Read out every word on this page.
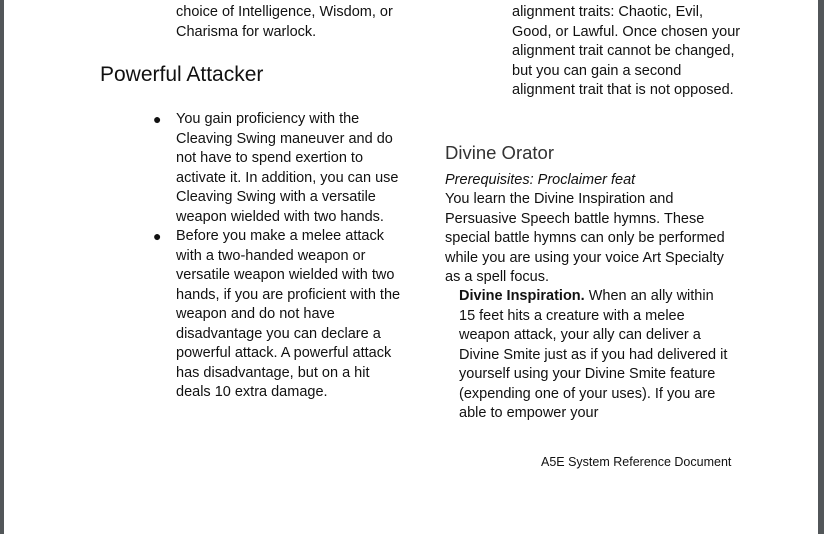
choice of Intelligence, Wisdom, or Charisma for warlock.

Powerful Attacker
● You gain proficiency with the Cleaving Swing maneuver and do not have to spend exertion to activate it. In addition, you can use Cleaving Swing with a versatile weapon wielded with two hands.
● Before you make a melee attack with a two-handed weapon or versatile weapon wielded with two hands, if you are proficient with the weapon and do not have disadvantage you can declare a powerful attack. A powerful attack has disadvantage, but on a hit deals 10 extra damage.

alignment traits: Chaotic, Evil, Good, or Lawful. Once chosen your alignment trait cannot be changed, but you can gain a second alignment trait that is not opposed.

Divine Orator

Prerequisites: Proclaimer feat

You learn the Divine Inspiration and Persuasive Speech battle hymns. These special battle hymns can only be performed while you are using your voice Art Specialty as a spell focus.

Divine Inspiration. When an ally within 15 feet hits a creature with a melee weapon attack, your ally can deliver a Divine Smite just as if you had delivered it yourself using your Divine Smite feature (expending one of your uses). If you are able to empower your

A5E System Reference Document
